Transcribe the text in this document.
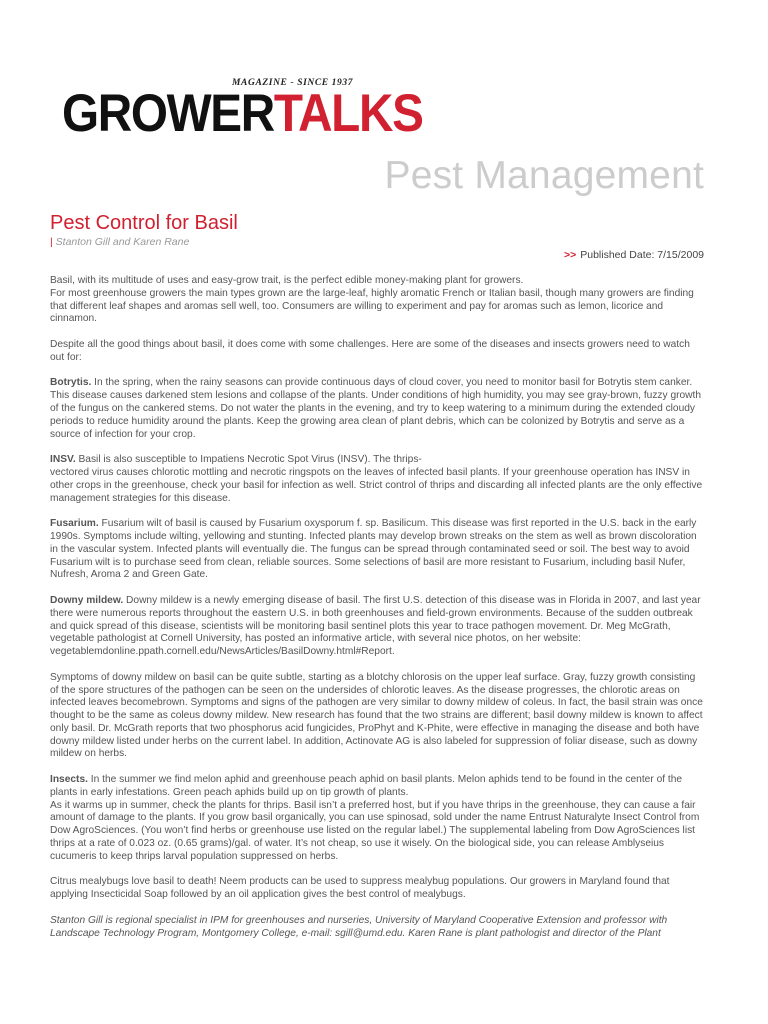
MAGAZINE - SINCE 1937
GROWERTALKS
Pest Management
Pest Control for Basil
| Stanton Gill and Karen Rane
>> Published Date: 7/15/2009

Basil, with its multitude of uses and easy-grow trait, is the perfect edible money-making plant for growers.
For most greenhouse growers the main types grown are the large-leaf, highly aromatic French or Italian basil, though many growers are finding that different leaf shapes and aromas sell well, too. Consumers are willing to experiment and pay for aromas such as lemon, licorice and cinnamon.

Despite all the good things about basil, it does come with some challenges. Here are some of the diseases and insects growers need to watch out for:

Botrytis. In the spring, when the rainy seasons can provide continuous days of cloud cover, you need to monitor basil for Botrytis stem canker. This disease causes darkened stem lesions and collapse of the plants. Under conditions of high humidity, you may see gray-brown, fuzzy growth of the fungus on the cankered stems. Do not water the plants in the evening, and try to keep watering to a minimum during the extended cloudy periods to reduce humidity around the plants. Keep the growing area clean of plant debris, which can be colonized by Botrytis and serve as a source of infection for your crop.

INSV. Basil is also susceptible to Impatiens Necrotic Spot Virus (INSV). The thrips-
vectored virus causes chlorotic mottling and necrotic ringspots on the leaves of infected basil plants. If your greenhouse operation has INSV in other crops in the greenhouse, check your basil for infection as well. Strict control of thrips and discarding all infected plants are the only effective management strategies for this disease.

Fusarium. Fusarium wilt of basil is caused by Fusarium oxysporum f. sp. Basilicum. This disease was first reported in the U.S. back in the early 1990s. Symptoms include wilting, yellowing and stunting. Infected plants may develop brown streaks on the stem as well as brown discoloration in the vascular system. Infected plants will eventually die. The fungus can be spread through contaminated seed or soil. The best way to avoid Fusarium wilt is to purchase seed from clean, reliable sources. Some selections of basil are more resistant to Fusarium, including basil Nufer, Nufresh, Aroma 2 and Green Gate.

Downy mildew. Downy mildew is a newly emerging disease of basil. The first U.S. detection of this disease was in Florida in 2007, and last year there were numerous reports throughout the eastern U.S. in both greenhouses and field-grown environments. Because of the sudden outbreak and quick spread of this disease, scientists will be monitoring basil sentinel plots this year to trace pathogen movement. Dr. Meg McGrath, vegetable pathologist at Cornell University, has posted an informative article, with several nice photos, on her website:
vegetablemdonline.ppath.cornell.edu/NewsArticles/BasilDowny.html#Report.

Symptoms of downy mildew on basil can be quite subtle, starting as a blotchy chlorosis on the upper leaf surface. Gray, fuzzy growth consisting of the spore structures of the pathogen can be seen on the undersides of chlorotic leaves. As the disease progresses, the chlorotic areas on infected leaves becomebrown. Symptoms and signs of the pathogen are very similar to downy mildew of coleus. In fact, the basil strain was once thought to be the same as coleus downy mildew. New research has found that the two strains are different; basil downy mildew is known to affect only basil. Dr. McGrath reports that two phosphorus acid fungicides, ProPhyt and K-Phite, were effective in managing the disease and both have downy mildew listed under herbs on the current label. In addition, Actinovate AG is also labeled for suppression of foliar disease, such as downy mildew on herbs.

Insects. In the summer we find melon aphid and greenhouse peach aphid on basil plants. Melon aphids tend to be found in the center of the plants in early infestations. Green peach aphids build up on tip growth of plants.
As it warms up in summer, check the plants for thrips. Basil isn’t a preferred host, but if you have thrips in the greenhouse, they can cause a fair amount of damage to the plants. If you grow basil organically, you can use spinosad, sold under the name Entrust Naturalyte Insect Control from Dow AgroSciences. (You won’t find herbs or greenhouse use listed on the regular label.) The supplemental labeling from Dow AgroSciences list thrips at a rate of 0.023 oz. (0.65 grams)/gal. of water. It’s not cheap, so use it wisely. On the biological side, you can release Amblyseius cucumeris to keep thrips larval population suppressed on herbs.

Citrus mealybugs love basil to death! Neem products can be used to suppress mealybug populations. Our growers in Maryland found that applying Insecticidal Soap followed by an oil application gives the best control of mealybugs.

Stanton Gill is regional specialist in IPM for greenhouses and nurseries, University of Maryland Cooperative Extension and professor with Landscape Technology Program, Montgomery College, e-mail: sgill@umd.edu. Karen Rane is plant pathologist and director of the Plant
